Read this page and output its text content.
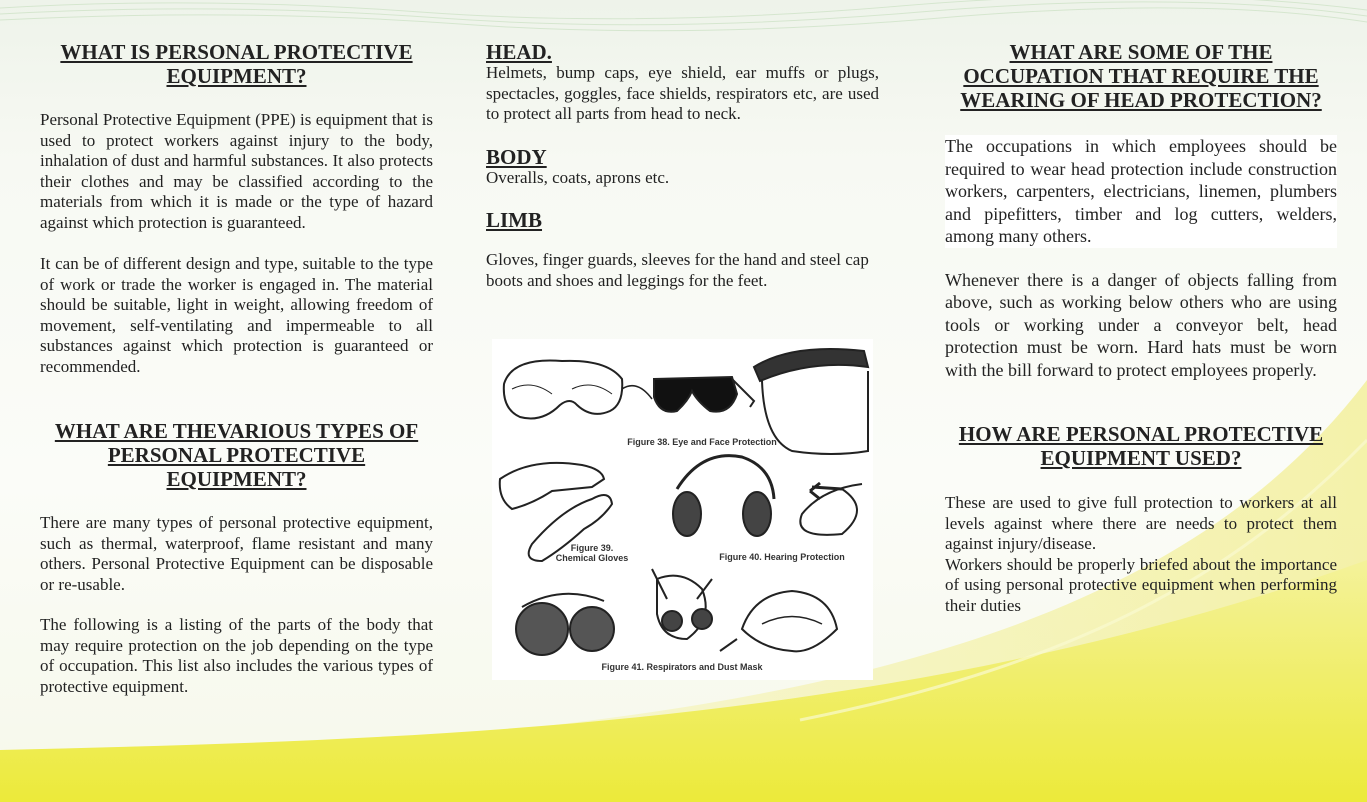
WHAT IS PERSONAL PROTECTIVE EQUIPMENT?

Personal Protective Equipment (PPE) is equipment that is used to protect workers against injury to the body, inhalation of dust and harmful substances. It also protects their clothes and may be classified according to the materials from which it is made or the type of hazard against which protection is guaranteed.

It can be of different design and type, suitable to the type of work or trade the worker is engaged in. The material should be suitable, light in weight, allowing freedom of movement, self-ventilating and impermeable to all substances against which protection is guaranteed or recommended.

WHAT ARE THEVARIOUS TYPES OF PERSONAL PROTECTIVE EQUIPMENT?

There are many types of personal protective equipment, such as thermal, waterproof, flame resistant and many others. Personal Protective Equipment can be disposable or re-usable.

The following is a listing of the parts of the body that may require protection on the job depending on the type of occupation. This list also includes the various types of protective equipment.

HEAD.

Helmets, bump caps, eye shield, ear muffs or plugs, spectacles, goggles, face shields, respirators etc, are used to protect all parts from head to neck.

BODY

Overalls, coats, aprons etc.

LIMB

Gloves, finger guards, sleeves for the hand and steel cap boots and shoes and leggings for the feet.

Figure 38. Eye and Face Protection
Figure 39.
Chemical Gloves	Figure 40. Hearing Protection
Figure 41. Respirators and Dust Mask
WHAT ARE SOME OF THE OCCUPATION THAT REQUIRE THE WEARING OF HEAD PROTECTION?

The occupations in which employees should be required to wear head protection include construction workers, carpenters, electricians, linemen, plumbers and pipefitters, timber and log cutters, welders, among many others.

Whenever there is a danger of objects falling from above, such as working below others who are using tools or working under a conveyor belt, head protection must be worn. Hard hats must be worn with the bill forward to protect employees properly.

HOW ARE PERSONAL PROTECTIVE EQUIPMENT USED?

These are used to give full protection to workers at all levels against where there are needs to protect them against injury/disease.

Workers should be properly briefed about the importance of using personal protective equipment when performing their duties
